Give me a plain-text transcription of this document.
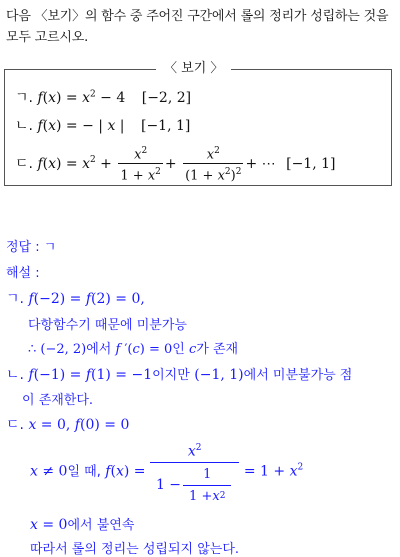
다음 〈보기〉의 함수 중 주어진 구간에서 롤의 정리가 성립하는 것을
모두 고르시오.
〈 보기 〉
ㄱ. $f(x) = x^2 - 4$ [−2, 2]
ㄴ. f(x) = − | x | [−1, 1]
ㄷ. $f(x) = x^2 + \frac{x^2}{1 + x^2} + \frac{x^2}{(1 + x^2)^2}$ + ⋯ [−1, 1]
정답 : ㄱ
해설 :
ㄱ. f(−2) = f(2) = 0,
다항함수기 때문에 미분가능
∴ (−2, 2)에서 f ′(c) = 0인 c가 존재
ㄴ. f(−1) = f(1) = −1이지만 (−1, 1)에서 미분불가능 점
이 존재한다.
ㄷ. x = 0, f(0) = 0
x ≠ 0일 때, $f(x) = \frac{x^2}{1 - \frac{1}{1 + x 2}} = 1 + x^2$
x = 0에서 불연속
따라서 롤의 정리는 성립되지 않는다.
